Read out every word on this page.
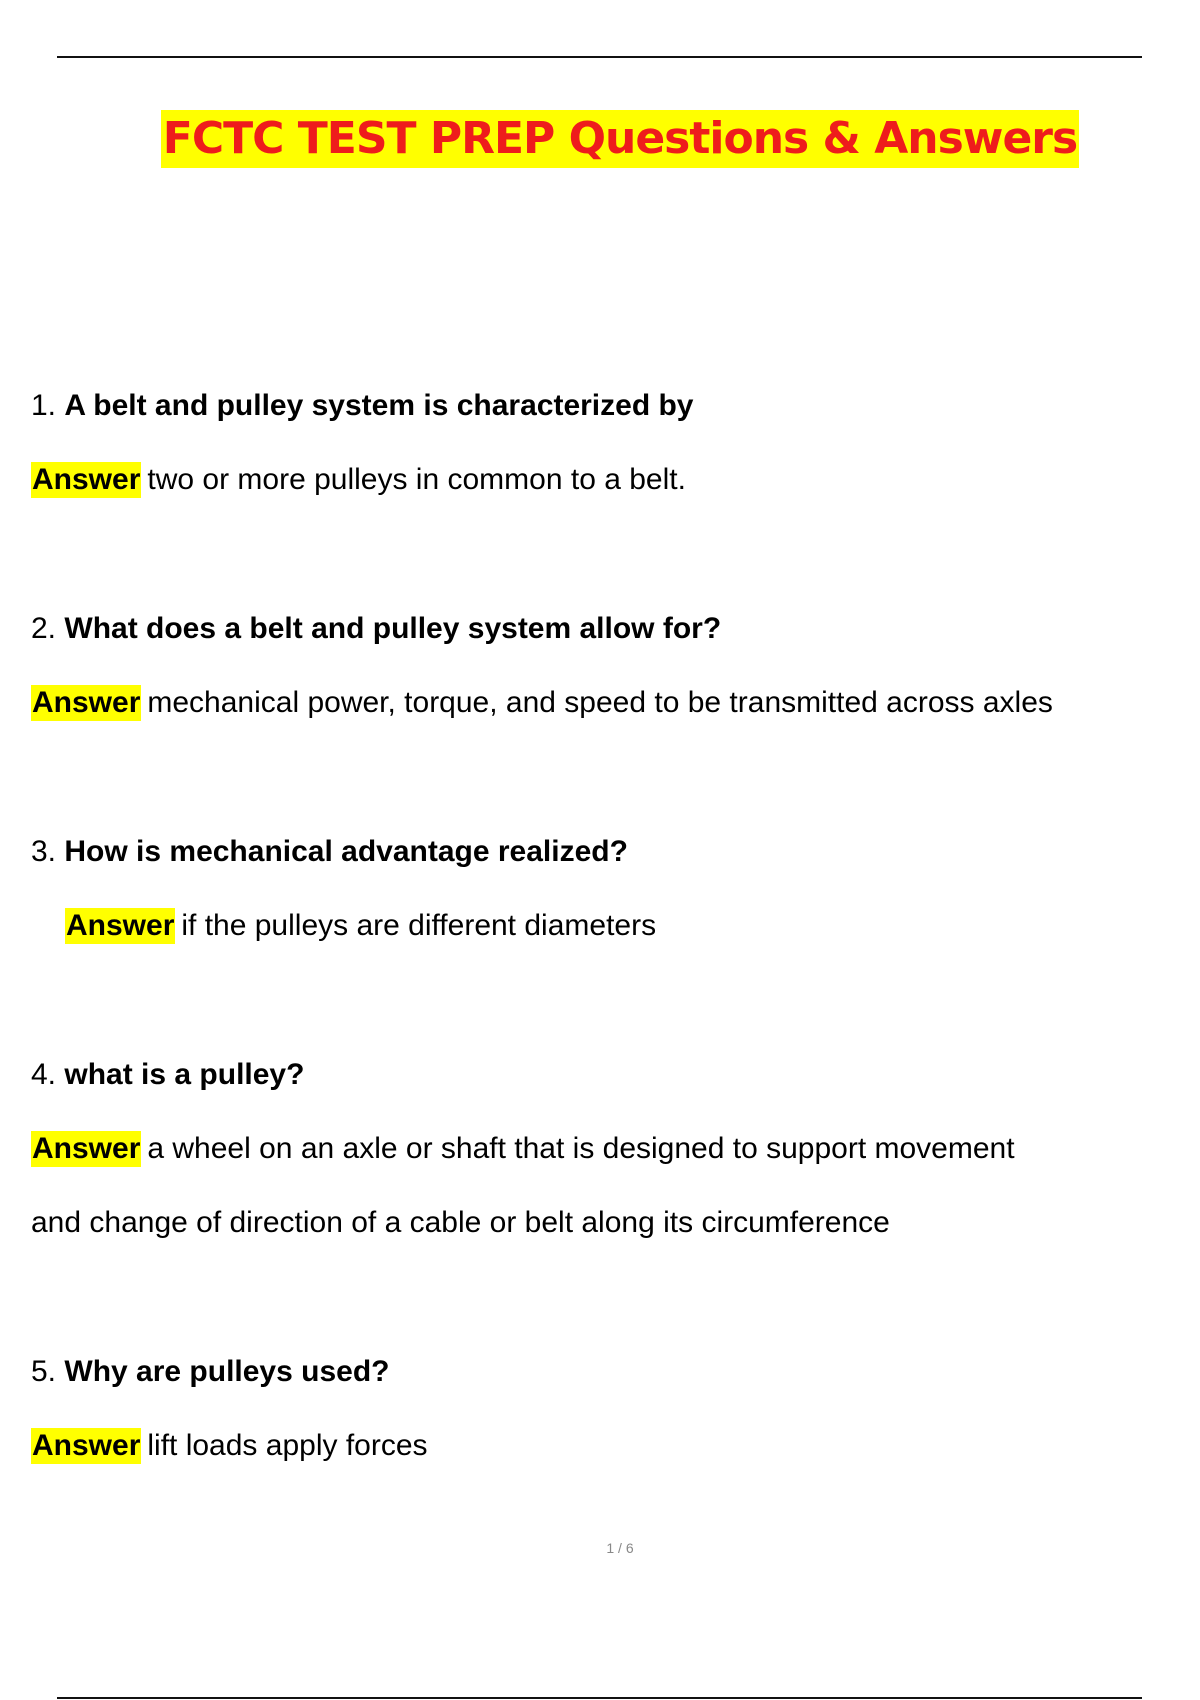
FCTC TEST PREP Questions & Answers
1. A belt and pulley system is characterized by
Answer two or more pulleys in common to a belt.
2. What does a belt and pulley system allow for?
Answer mechanical power, torque, and speed to be transmitted across axles
3. How is mechanical advantage realized?
Answer if the pulleys are different diameters
4. what is a pulley?
Answer a wheel on an axle or shaft that is designed to support movement
and change of direction of a cable or belt along its circumference
5. Why are pulleys used?
Answer lift loads apply forces
1 / 6
